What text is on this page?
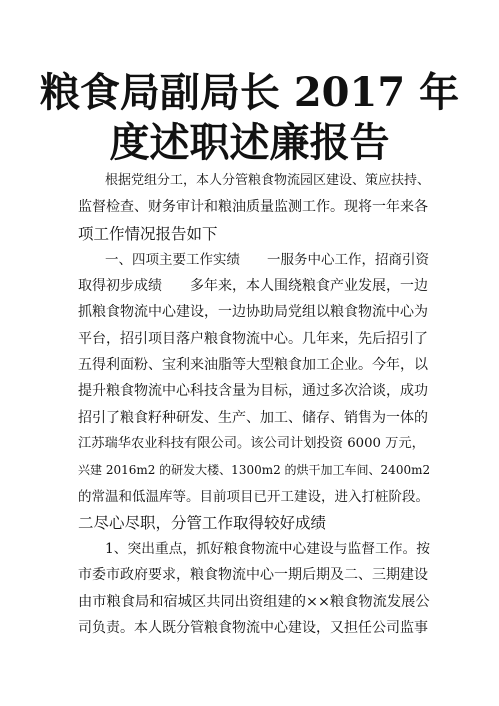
粮食局副局长 2017 年
度述职述廉报告
根据党组分工，本人分管粮食物流园区建设、策应扶持、
监督检查、财务审计和粮油质量监测工作。现将一年来各
项工作情况报告如下
一、四项主要工作实绩　　一服务中心工作，招商引资
取得初步成绩　　多年来，本人围绕粮食产业发展，一边
抓粮食物流中心建设，一边协助局党组以粮食物流中心为
平台，招引项目落户粮食物流中心。几年来，先后招引了
五得利面粉、宝利来油脂等大型粮食加工企业。今年，以
提升粮食物流中心科技含量为目标，通过多次洽谈，成功
招引了粮食籽种研发、生产、加工、储存、销售为一体的
江苏瑞华农业科技有限公司。该公司计划投资 6000 万元，
兴建 2016m2 的研发大楼、1300m2 的烘干加工车间、2400m2
的常温和低温库等。目前项目已开工建设，进入打桩阶段。
二尽心尽职，分管工作取得较好成绩
1、突出重点，抓好粮食物流中心建设与监督工作。按
市委市政府要求，粮食物流中心一期后期及二、三期建设
由市粮食局和宿城区共同出资组建的××粮食物流发展公
司负责。本人既分管粮食物流中心建设，又担任公司监事
